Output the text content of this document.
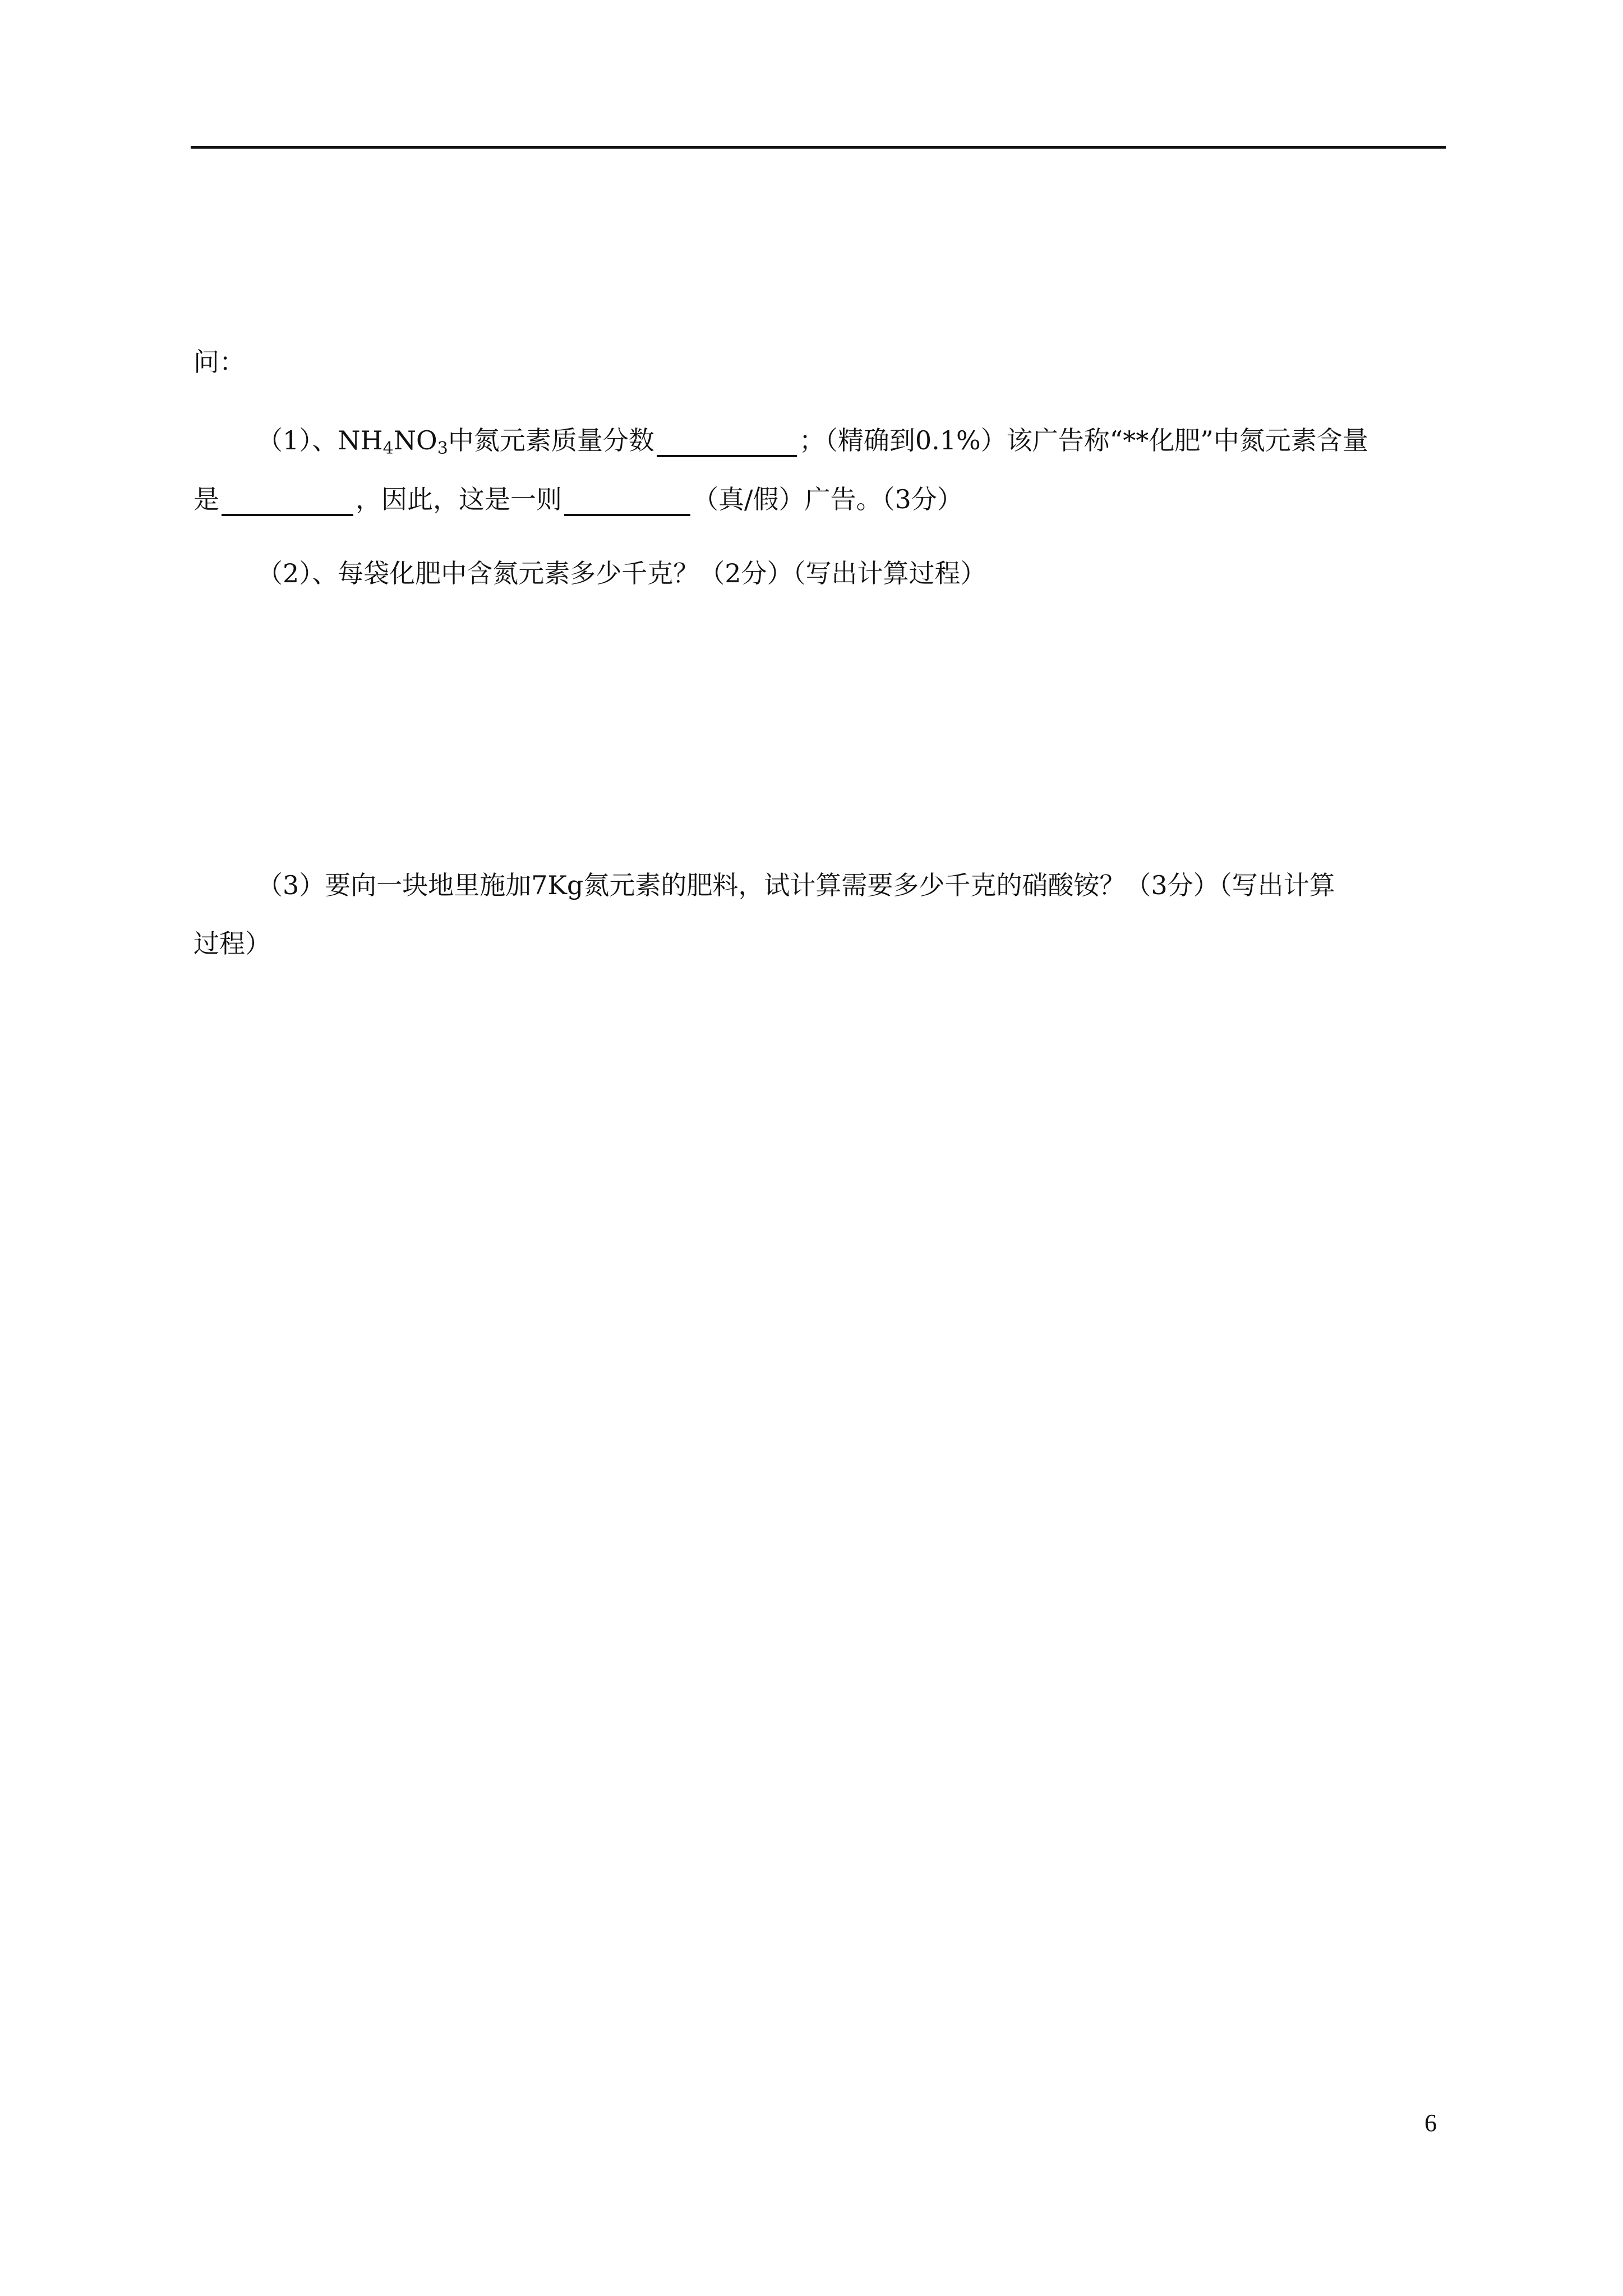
问：
（1）、$NH_4NO_3$中氮元素质量分数	；（精确到0.1%）该广告称“**化肥”中氮元素含量
是	，因此，这是一则	（真/假）广告。（3分）
（2）、每袋化肥中含氮元素多少千克？（2分）（写出计算过程）
（3）要向一块地里施加7Kg氮元素的肥料，试计算需要多少千克的硝酸铵？（3分）（写出计算
过程）
6
